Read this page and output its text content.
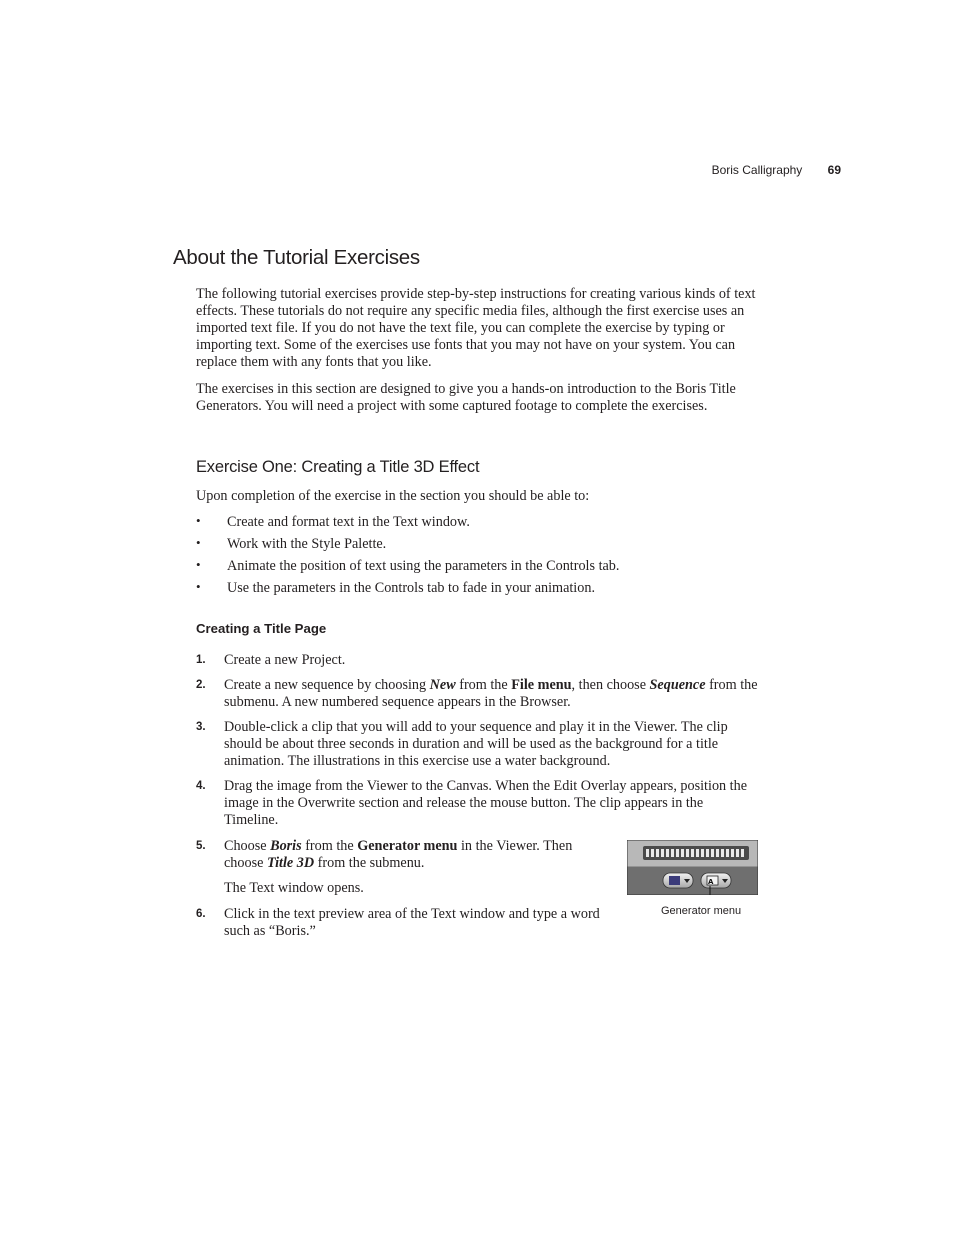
Boris Calligraphy 69
About the Tutorial Exercises

The following tutorial exercises provide step-by-step instructions for creating various kinds of text effects. These tutorials do not require any specific media files, although the first exercise uses an imported text file. If you do not have the text file, you can complete the exercise by typing or importing text. Some of the exercises use fonts that you may not have on your system. You can replace them with any fonts that you like.

The exercises in this section are designed to give you a hands-on introduction to the Boris Title Generators. You will need a project with some captured footage to complete the exercises.

Exercise One: Creating a Title 3D Effect

Upon completion of the exercise in the section you should be able to:

• Create and format text in the Text window.
• Work with the Style Palette.
• Animate the position of text using the parameters in the Controls tab.
• Use the parameters in the Controls tab to fade in your animation.
Creating a Title Page
1. Create a new Project.
2. Create a new sequence by choosing New from the File menu, then choose Sequence from the submenu. A new numbered sequence appears in the Browser.
3. Double-click a clip that you will add to your sequence and play it in the Viewer. The clip should be about three seconds in duration and will be used as the background for a title animation. The illustrations in this exercise use a water background.
4. Drag the image from the Viewer to the Canvas. When the Edit Overlay appears, position the image in the Overwrite section and release the mouse button. The clip appears in the Timeline.
5. Choose Boris from the Generator menu in the Viewer. Then choose Title 3D from the submenu.
The Text window opens.
6. Click in the text preview area of the Text window and type a word such as “Boris.”
A
Generator menu
